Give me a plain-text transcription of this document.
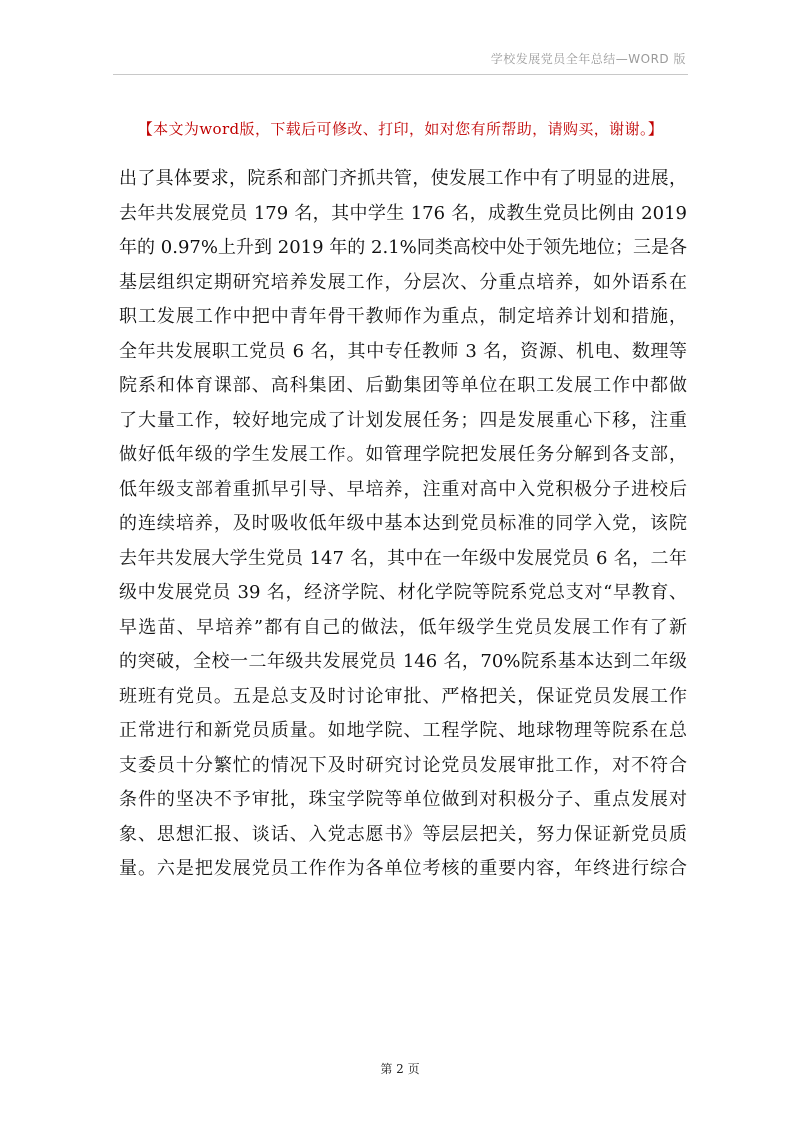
学校发展党员全年总结—WORD 版
【本文为word版，下载后可修改、打印，如对您有所帮助，请购买，谢谢。】
出了具体要求，院系和部门齐抓共管，使发展工作中有了明显的进展，
去年共发展党员 179 名，其中学生 176 名，成教生党员比例由 2019
年的 0.97%上升到 2019 年的 2.1%同类高校中处于领先地位；三是各
基层组织定期研究培养发展工作，分层次、分重点培养，如外语系在
职工发展工作中把中青年骨干教师作为重点，制定培养计划和措施，
全年共发展职工党员 6 名，其中专任教师 3 名，资源、机电、数理等
院系和体育课部、高科集团、后勤集团等单位在职工发展工作中都做
了大量工作，较好地完成了计划发展任务；四是发展重心下移，注重
做好低年级的学生发展工作。如管理学院把发展任务分解到各支部，
低年级支部着重抓早引导、早培养，注重对高中入党积极分子进校后
的连续培养，及时吸收低年级中基本达到党员标准的同学入党，该院
去年共发展大学生党员 147 名，其中在一年级中发展党员 6 名，二年
级中发展党员 39 名，经济学院、材化学院等院系党总支对“早教育、
早选苗、早培养”都有自己的做法，低年级学生党员发展工作有了新
的突破，全校一二年级共发展党员 146 名，70%院系基本达到二年级
班班有党员。五是总支及时讨论审批、严格把关，保证党员发展工作
正常进行和新党员质量。如地学院、工程学院、地球物理等院系在总
支委员十分繁忙的情况下及时研究讨论党员发展审批工作，对不符合
条件的坚决不予审批，珠宝学院等单位做到对积极分子、重点发展对
象、思想汇报、谈话、入党志愿书》等层层把关，努力保证新党员质
量。六是把发展党员工作作为各单位考核的重要内容，年终进行综合
第 2 页
